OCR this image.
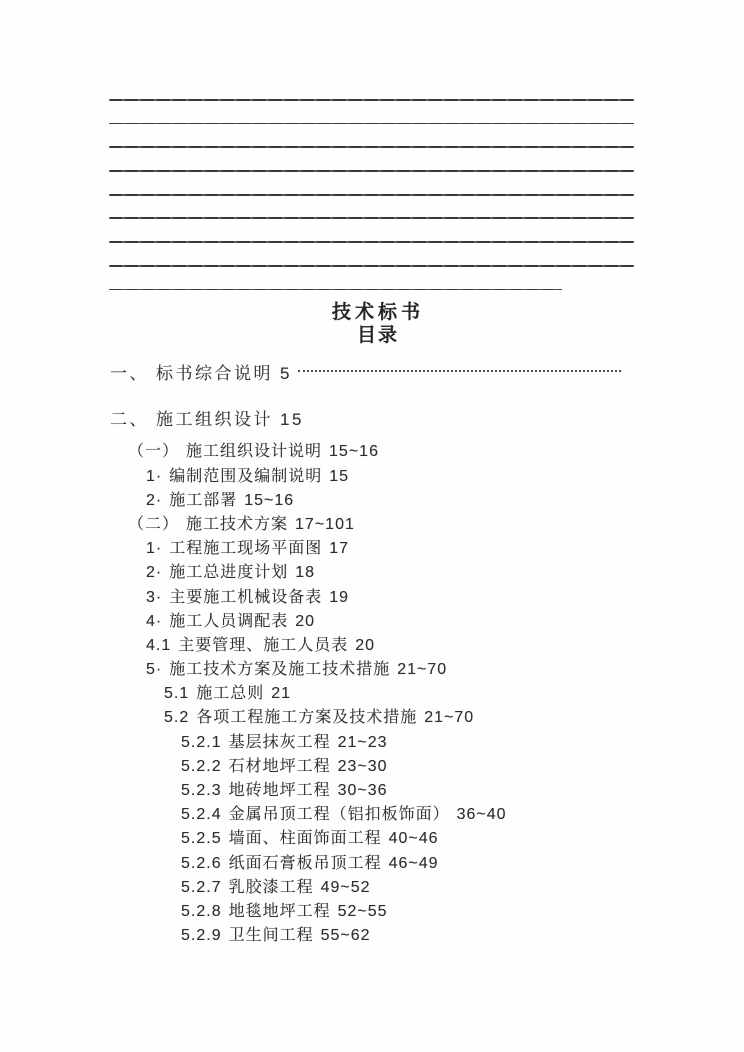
技术标书
目录
一、 标书综合说明 5
二、 施工组织设计 15
（一） 施工组织设计说明 15~16
1· 编制范围及编制说明 15
2· 施工部署 15~16
（二） 施工技术方案 17~101
1· 工程施工现场平面图 17
2· 施工总进度计划 18
3· 主要施工机械设备表 19
4· 施工人员调配表 20
4.1 主要管理、施工人员表 20
5· 施工技术方案及施工技术措施 21~70
5.1 施工总则 21
5.2 各项工程施工方案及技术措施 21~70
5.2.1 基层抹灰工程 21~23
5.2.2 石材地坪工程 23~30
5.2.3 地砖地坪工程 30~36
5.2.4 金属吊顶工程（铝扣板饰面） 36~40
5.2.5 墙面、柱面饰面工程 40~46
5.2.6 纸面石膏板吊顶工程 46~49
5.2.7 乳胶漆工程 49~52
5.2.8 地毯地坪工程 52~55
5.2.9 卫生间工程 55~62
